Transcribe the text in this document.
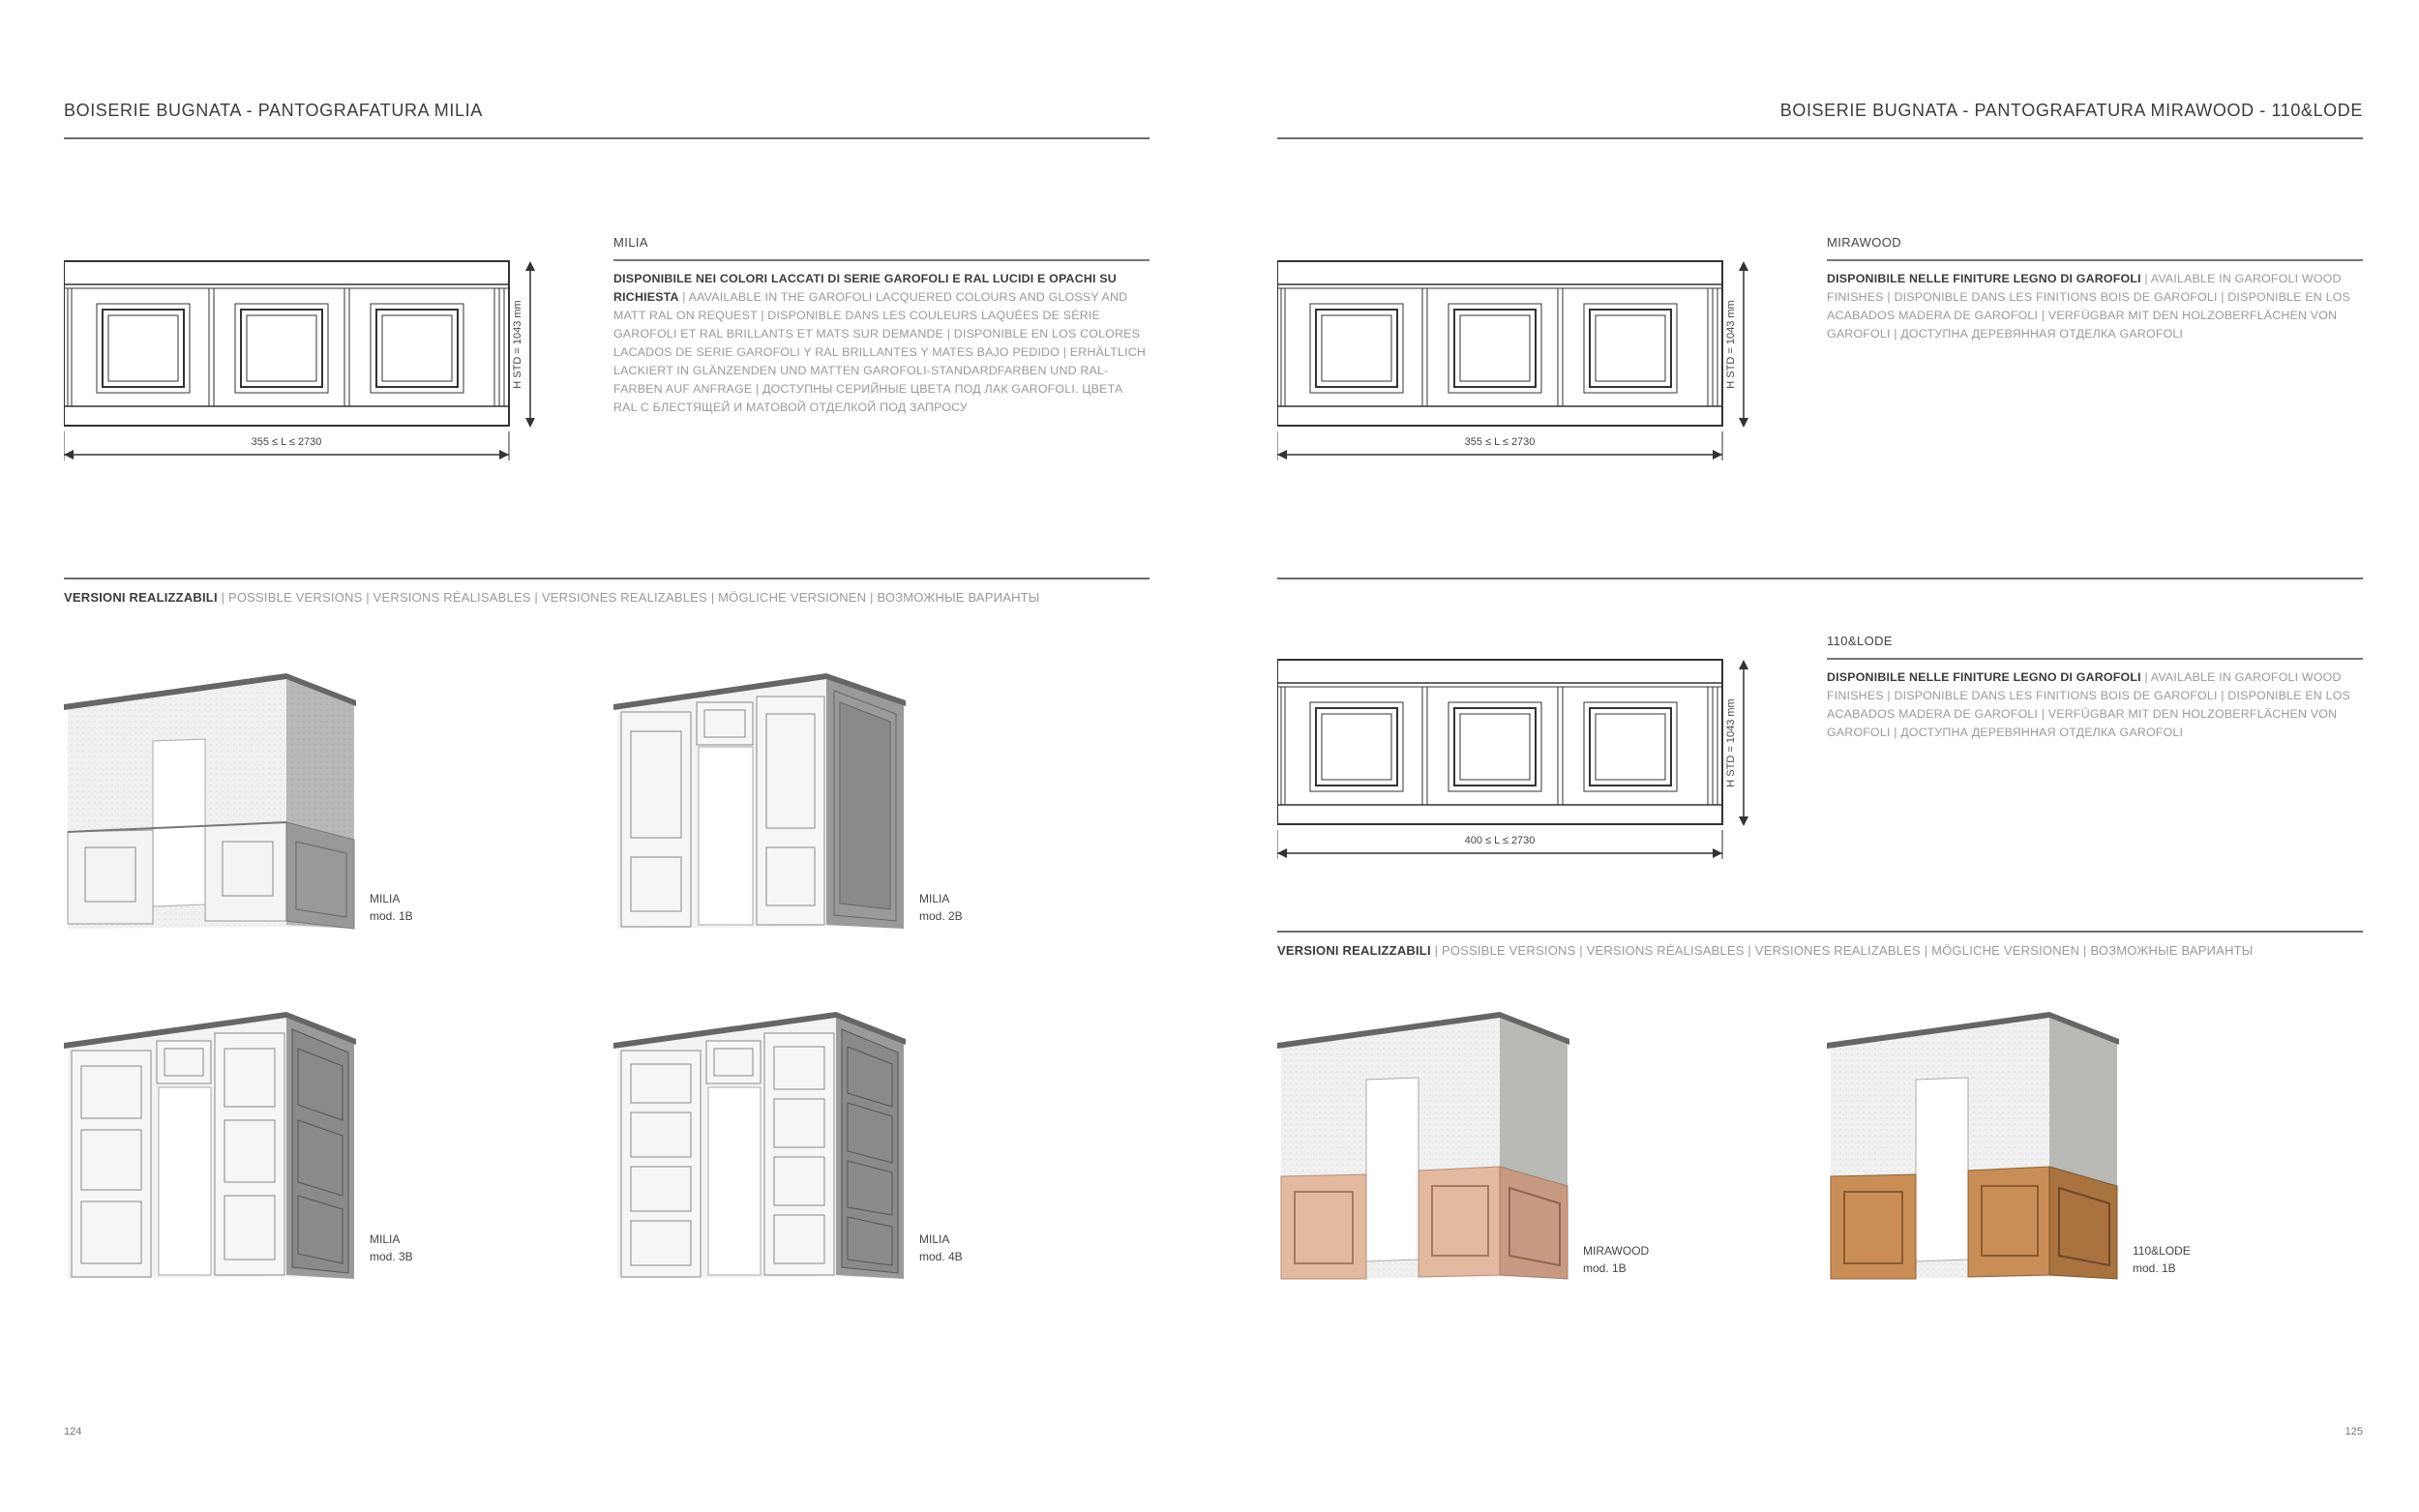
BOISERIE BUGNATA - PANTOGRAFATURA MILIA
355 ≤ L ≤ 2730
H STD = 1043 mm
MILIA
DISPONIBILE NEI COLORI LACCATI DI SERIE GAROFOLI E RAL LUCIDI E OPACHI SU RICHIESTA | AAVAILABLE IN THE GAROFOLI LACQUERED COLOURS AND GLOSSY AND MATT RAL ON REQUEST | DISPONIBLE DANS LES COULEURS LAQUÉES DE SÉRIE GAROFOLI ET RAL BRILLANTS ET MATS SUR DEMANDE | DISPONIBLE EN LOS COLORES LACADOS DE SERIE GAROFOLI Y RAL BRILLANTES Y MATES BAJO PEDIDO | ERHÄLTLICH LACKIERT IN GLÄNZENDEN UND MATTEN GAROFOLI-STANDARDFARBEN UND RAL-FARBEN AUF ANFRAGE | ДОСТУПНЫ СЕРИЙНЫЕ ЦВЕТА ПОД ЛАК GAROFOLI. ЦВЕТА RAL С БЛЕСТЯЩЕЙ И МАТОВОЙ ОТДЕЛКОЙ ПОД ЗАПРОСУ
VERSIONI REALIZZABILI | POSSIBLE VERSIONS | VERSIONS RÉALISABLES | VERSIONES REALIZABLES | MÖGLICHE VERSIONEN | ВОЗМОЖНЫЕ ВАРИАНТЫ
MILIA
mod. 1B
MILIA
mod. 2B
MILIA
mod. 3B
MILIA
mod. 4B
124
BOISERIE BUGNATA - PANTOGRAFATURA MIRAWOOD - 110&LODE
355 ≤ L ≤ 2730
H STD = 1043 mm
MIRAWOOD
DISPONIBILE NELLE FINITURE LEGNO DI GAROFOLI | AVAILABLE IN GAROFOLI WOOD FINISHES | DISPONIBLE DANS LES FINITIONS BOIS DE GAROFOLI | DISPONIBLE EN LOS ACABADOS MADERA DE GAROFOLI | VERFÜGBAR MIT DEN HOLZOBERFLÄCHEN VON GAROFOLI | ДОСТУПНА ДЕРЕВЯННАЯ ОТДЕЛКА GAROFOLI
400 ≤ L ≤ 2730
H STD = 1043 mm
110&LODE
DISPONIBILE NELLE FINITURE LEGNO DI GAROFOLI | AVAILABLE IN GAROFOLI WOOD FINISHES | DISPONIBLE DANS LES FINITIONS BOIS DE GAROFOLI | DISPONIBLE EN LOS ACABADOS MADERA DE GAROFOLI | VERFÜGBAR MIT DEN HOLZOBERFLÄCHEN VON GAROFOLI | ДОСТУПНА ДЕРЕВЯННАЯ ОТДЕЛКА GAROFOLI
VERSIONI REALIZZABILI | POSSIBLE VERSIONS | VERSIONS RÉALISABLES | VERSIONES REALIZABLES | MÖGLICHE VERSIONEN | ВОЗМОЖНЫЕ ВАРИАНТЫ
MIRAWOOD
mod. 1B
110&LODE
mod. 1B
125
